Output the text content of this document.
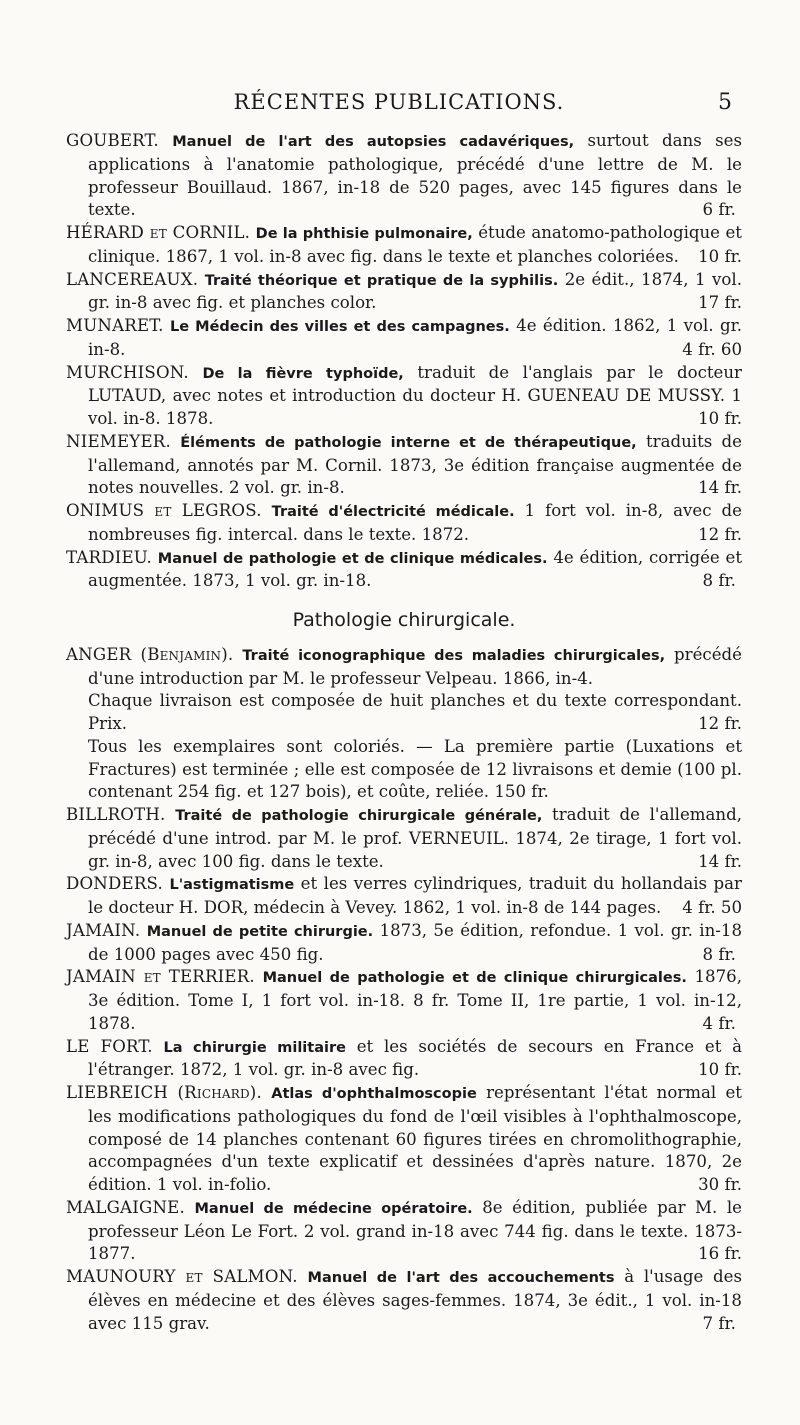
RÉCENTES PUBLICATIONS.	5

GOUBERT. Manuel de l'art des autopsies cadavériques, surtout dans ses applications à l'anatomie pathologique, précédé d'une lettre de M. le professeur Bouillaud. 1867, in-18 de 520 pages, avec 145 figures dans le texte.	6 fr.

HÉRARD et CORNIL. De la phthisie pulmonaire, étude anatomo-pathologique et clinique. 1867, 1 vol. in-8 avec fig. dans le texte et planches coloriées. 10 fr.

LANCEREAUX. Traité théorique et pratique de la syphilis. 2e édit., 1874, 1 vol. gr. in-8 avec fig. et planches color.	17 fr.

MUNARET. Le Médecin des villes et des campagnes. 4e édition. 1862, 1 vol. gr. in-8.	4 fr. 60

MURCHISON. De la fièvre typhoïde, traduit de l'anglais par le docteur LUTAUD, avec notes et introduction du docteur H. GUENEAU DE MUSSY. 1 vol. in-8. 1878.	10 fr.

NIEMEYER. Éléments de pathologie interne et de thérapeutique, traduits de l'allemand, annotés par M. Cornil. 1873, 3e édition française augmentée de notes nouvelles. 2 vol. gr. in-8.	14 fr.

ONIMUS et LEGROS. Traité d'électricité médicale. 1 fort vol. in-8, avec de nombreuses fig. intercal. dans le texte. 1872.	12 fr.

TARDIEU. Manuel de pathologie et de clinique médicales. 4e édition, corrigée et augmentée. 1873, 1 vol. gr. in-18.	8 fr.

Pathologie chirurgicale.

ANGER (Benjamin). Traité iconographique des maladies chirurgicales, précédé d'une introduction par M. le professeur Velpeau. 1866, in-4.

Chaque livraison est composée de huit planches et du texte correspondant. Prix.	12 fr.

Tous les exemplaires sont coloriés. — La première partie (Luxations et Fractures) est terminée ; elle est composée de 12 livraisons et demie (100 pl. contenant 254 fig. et 127 bois), et coûte, reliée. 150 fr.

BILLROTH. Traité de pathologie chirurgicale générale, traduit de l'allemand, précédé d'une introd. par M. le prof. VERNEUIL. 1874, 2e tirage, 1 fort vol. gr. in-8, avec 100 fig. dans le texte.	14 fr.

DONDERS. L'astigmatisme et les verres cylindriques, traduit du hollandais par le docteur H. DOR, médecin à Vevey. 1862, 1 vol. in-8 de 144 pages. 4 fr. 50

JAMAIN. Manuel de petite chirurgie. 1873, 5e édition, refondue. 1 vol. gr. in-18 de 1000 pages avec 450 fig.	8 fr.

JAMAIN et TERRIER. Manuel de pathologie et de clinique chirurgicales. 1876, 3e édition. Tome I, 1 fort vol. in-18. 8 fr. Tome II, 1re partie, 1 vol. in-12, 1878.	4 fr.

LE FORT. La chirurgie militaire et les sociétés de secours en France et à l'étranger. 1872, 1 vol. gr. in-8 avec fig.	10 fr.

LIEBREICH (Richard). Atlas d'ophthalmoscopie représentant l'état normal et les modifications pathologiques du fond de l'œil visibles à l'ophthalmoscope, composé de 14 planches contenant 60 figures tirées en chromolithographie, accompagnées d'un texte explicatif et dessinées d'après nature. 1870, 2e édition. 1 vol. in-folio.	30 fr.

MALGAIGNE. Manuel de médecine opératoire. 8e édition, publiée par M. le professeur Léon Le Fort. 2 vol. grand in-18 avec 744 fig. dans le texte. 1873-1877.	16 fr.

MAUNOURY et SALMON. Manuel de l'art des accouchements à l'usage des élèves en médecine et des élèves sages-femmes. 1874, 3e édit., 1 vol. in-18 avec 115 grav.	7 fr.
